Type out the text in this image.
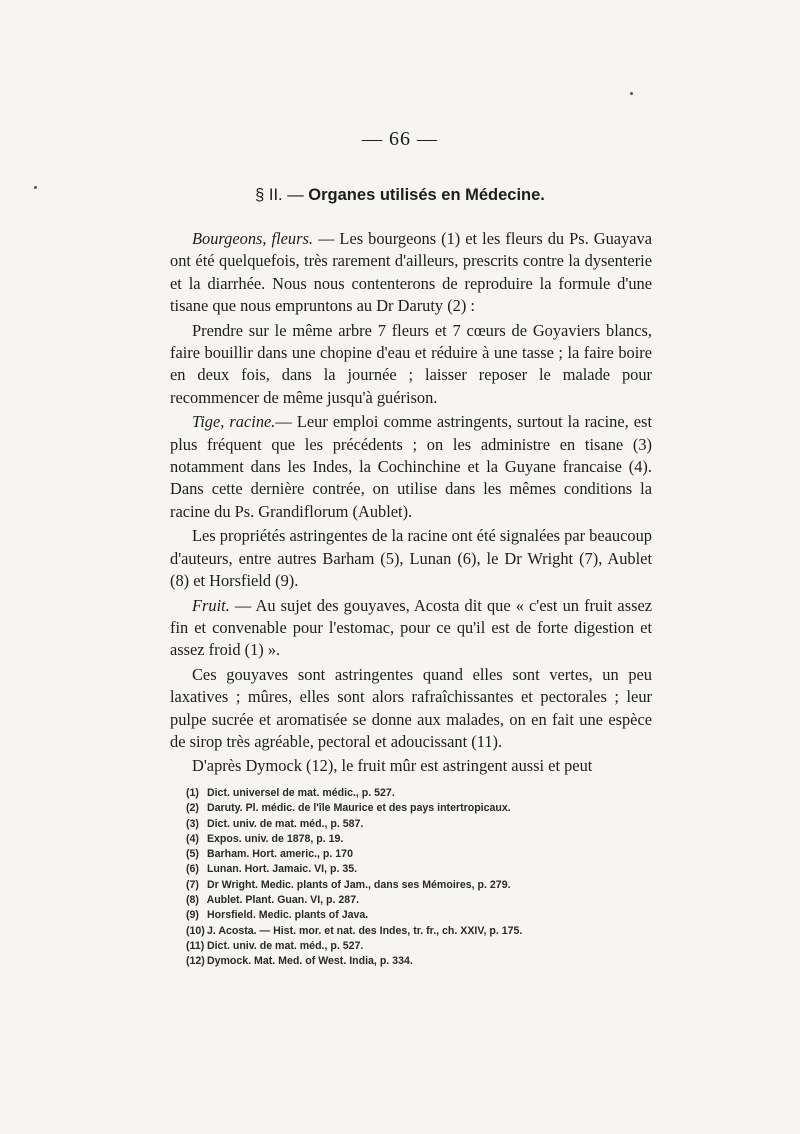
— 66 —
§ II. — Organes utilisés en Médecine.

Bourgeons, fleurs. — Les bourgeons (1) et les fleurs du Ps. Guayava ont été quelquefois, très rarement d'ailleurs, prescrits contre la dysenterie et la diarrhée. Nous nous contenterons de reproduire la formule d'une tisane que nous empruntons au Dr Daruty (2) :

Prendre sur le même arbre 7 fleurs et 7 cœurs de Goyaviers blancs, faire bouillir dans une chopine d'eau et réduire à une tasse ; la faire boire en deux fois, dans la journée ; laisser reposer le malade pour recommencer de même jusqu'à guérison.

Tige, racine.— Leur emploi comme astringents, surtout la racine, est plus fréquent que les précédents ; on les administre en tisane (3) notamment dans les Indes, la Cochinchine et la Guyane francaise (4). Dans cette dernière contrée, on utilise dans les mêmes conditions la racine du Ps. Grandiflorum (Aublet).

Les propriétés astringentes de la racine ont été signalées par beaucoup d'auteurs, entre autres Barham (5), Lunan (6), le Dr Wright (7), Aublet (8) et Horsfield (9).

Fruit. — Au sujet des gouyaves, Acosta dit que « c'est un fruit assez fin et convenable pour l'estomac, pour ce qu'il est de forte digestion et assez froid (1) ».

Ces gouyaves sont astringentes quand elles sont vertes, un peu laxatives ; mûres, elles sont alors rafraîchissantes et pectorales ; leur pulpe sucrée et aromatisée se donne aux malades, on en fait une espèce de sirop très agréable, pectoral et adoucissant (11).

D'après Dymock (12), le fruit mûr est astringent aussi et peut

(1) Dict. universel de mat. médic., p. 527.
(2) Daruty. Pl. médic. de l'île Maurice et des pays intertropicaux.
(3) Dict. univ. de mat. méd., p. 587.
(4) Expos. univ. de 1878, p. 19.
(5) Barham. Hort. americ., p. 170
(6) Lunan. Hort. Jamaic. VI, p. 35.
(7) Dr Wright. Medic. plants of Jam., dans ses Mémoires, p. 279.
(8) Aublet. Plant. Guan. VI, p. 287.
(9) Horsfield. Medic. plants of Java.
(10) J. Acosta. — Hist. mor. et nat. des Indes, tr. fr., ch. XXIV, p. 175.
(11) Dict. univ. de mat. méd., p. 527.
(12) Dymock. Mat. Med. of West. India, p. 334.
